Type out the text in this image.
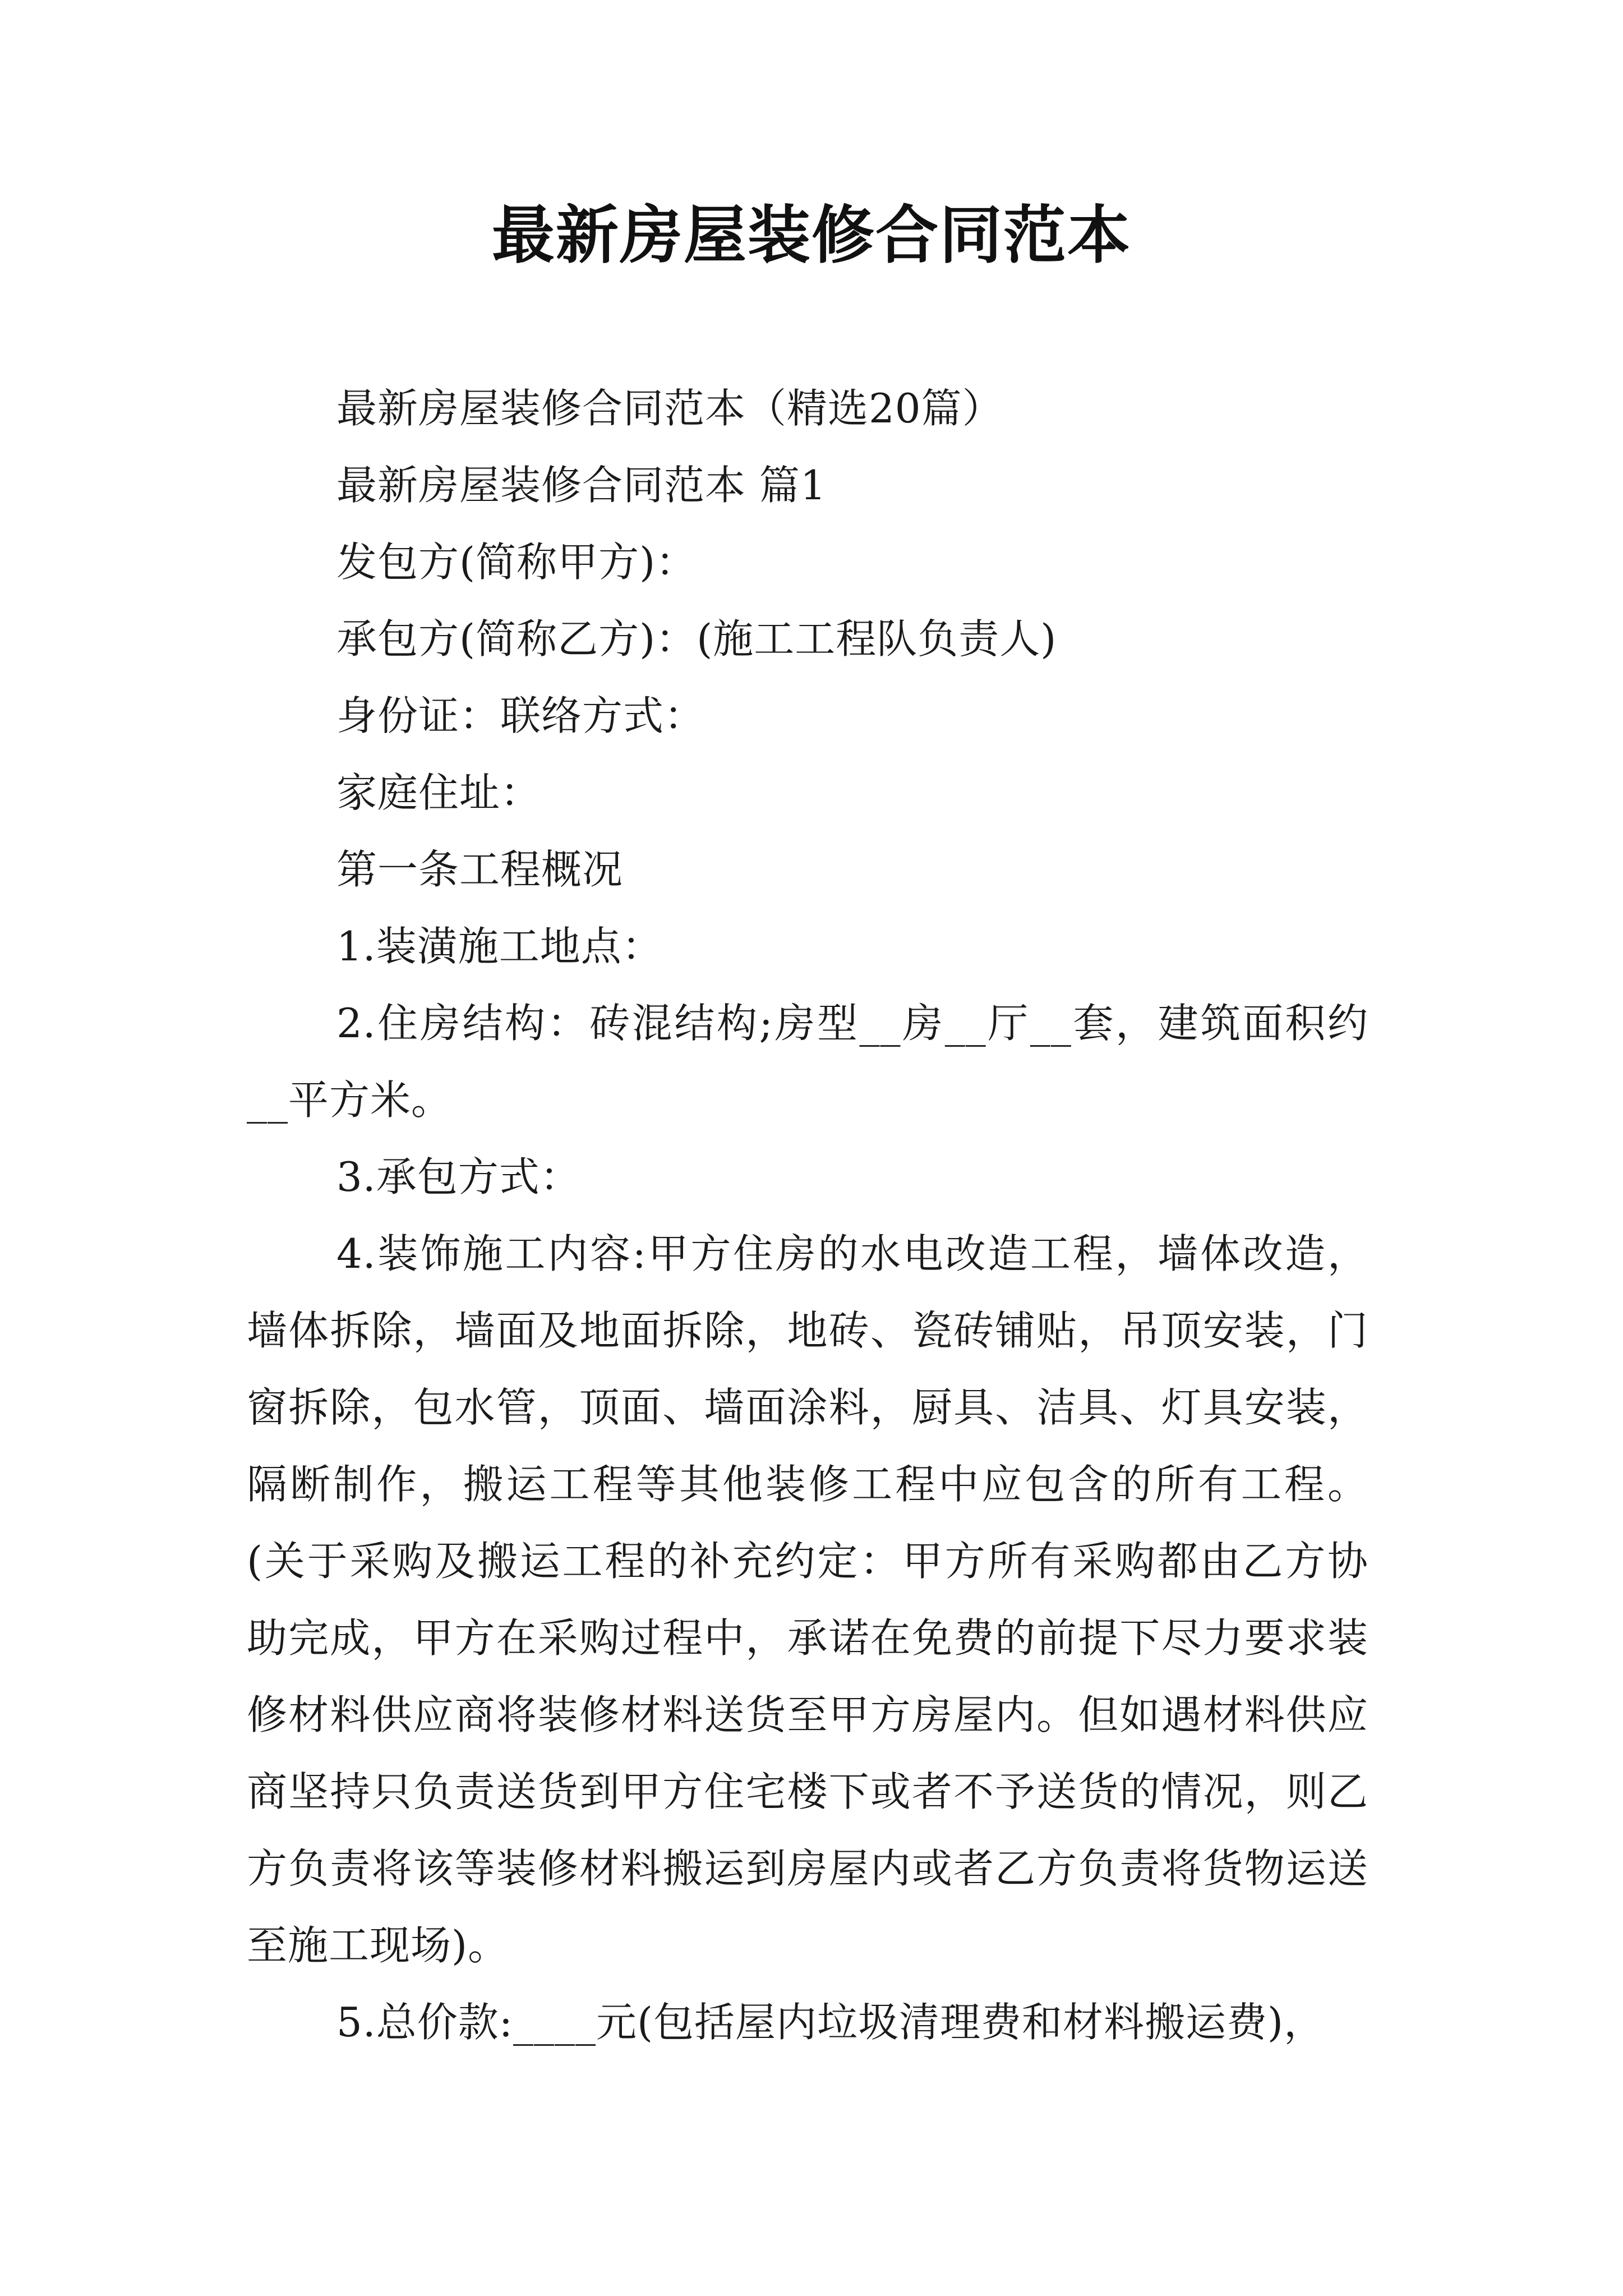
最新房屋装修合同范本

最新房屋装修合同范本（精选20篇）

最新房屋装修合同范本 篇1

发包方(简称甲方)：

承包方(简称乙方)：(施工工程队负责人)

身份证：联络方式：

家庭住址：

第一条工程概况

1.装潢施工地点：

2.住房结构：砖混结构;房型__房__厅__套，建筑面积约__平方米。

3.承包方式：

4.装饰施工内容:甲方住房的水电改造工程，墙体改造，墙体拆除，墙面及地面拆除，地砖、瓷砖铺贴，吊顶安装，门窗拆除，包水管，顶面、墙面涂料，厨具、洁具、灯具安装，隔断制作，搬运工程等其他装修工程中应包含的所有工程。(关于采购及搬运工程的补充约定：甲方所有采购都由乙方协助完成，甲方在采购过程中，承诺在免费的前提下尽力要求装修材料供应商将装修材料送货至甲方房屋内。但如遇材料供应商坚持只负责送货到甲方住宅楼下或者不予送货的情况，则乙方负责将该等装修材料搬运到房屋内或者乙方负责将货物运送至施工现场)。

5.总价款:____元(包括屋内垃圾清理费和材料搬运费)，
